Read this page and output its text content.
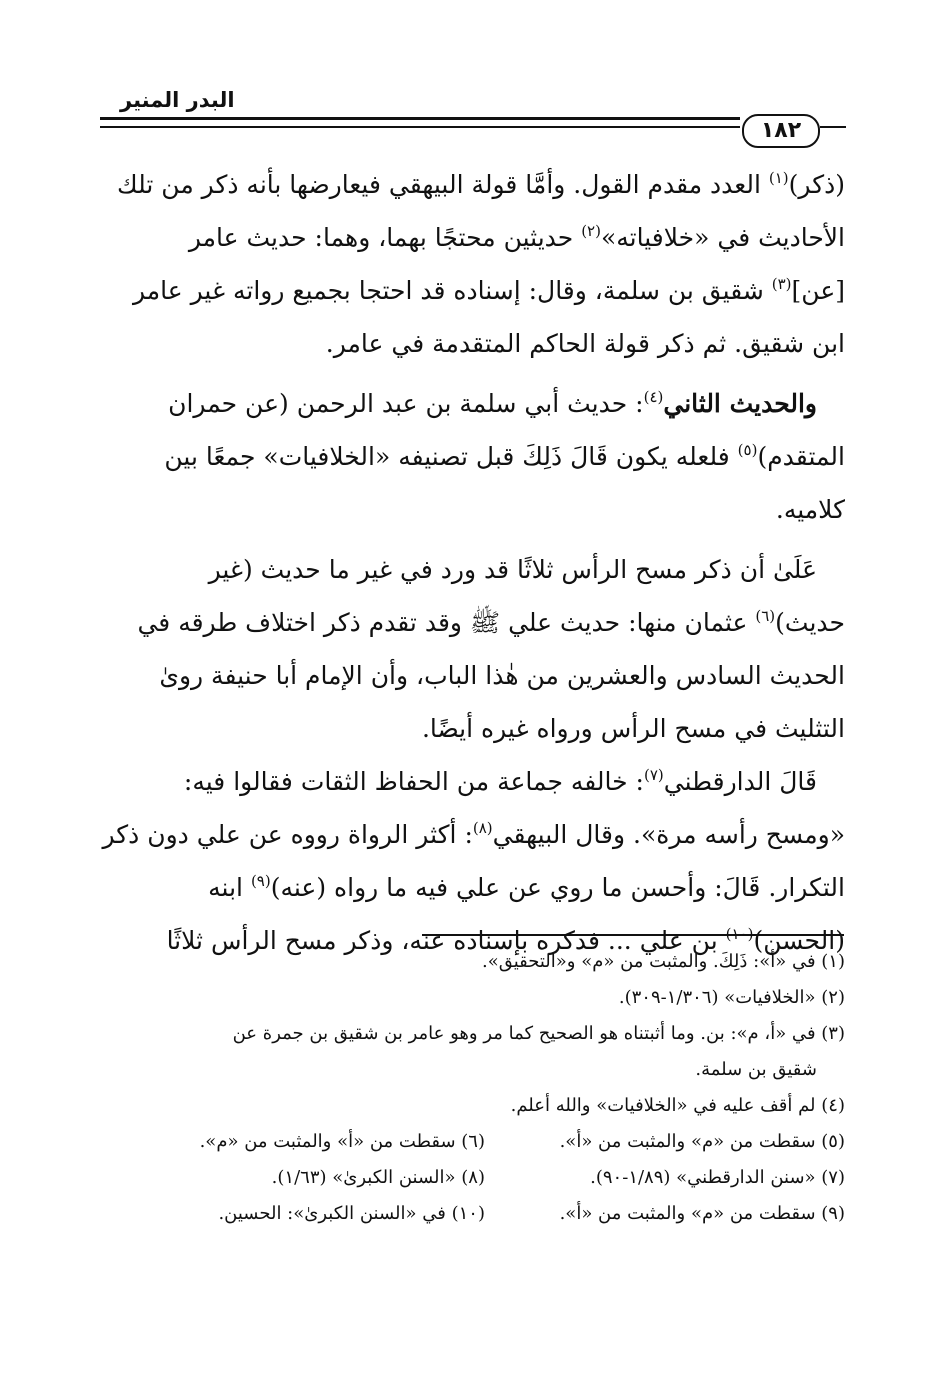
البدر المنير
١٨٢
(ذكر)$^{(١)}$ العدد مقدم القول. وأمَّا قولة البيهقي فيعارضها بأنه ذكر من تلك
الأحاديث في «خلافياته»$^{(٢)}$ حديثين محتجًا بهما، وهما: حديث عامر
[عن]$^{(٣)}$ شقيق بن سلمة، وقال: إسناده قد احتجا بجميع رواته غير عامر
ابن شقيق. ثم ذكر قولة الحاكم المتقدمة في عامر.
والحديث الثاني$^{(٤)}$: حديث أبي سلمة بن عبد الرحمن (عن حمران
المتقدم)$^{(٥)}$ فلعله يكون قَالَ ذَلِكَ قبل تصنيفه «الخلافيات» جمعًا بين
كلاميه.
عَلَىٰ أن ذكر مسح الرأس ثلاثًا قد ورد في غير ما حديث (غير
حديث)$^{(٦)}$ عثمان منها: حديث علي ﷺ وقد تقدم ذكر اختلاف طرقه في
الحديث السادس والعشرين من هٰذا الباب، وأن الإمام أبا حنيفة روىٰ
التثليث في مسح الرأس ورواه غيره أيضًا.
قَالَ الدارقطني$^{(٧)}$: خالفه جماعة من الحفاظ الثقات فقالوا فيه:
«ومسح رأسه مرة». وقال البيهقي$^{(٨)}$: أكثر الرواة رووه عن علي دون ذكر
التكرار. قَالَ: وأحسن ما روي عن علي فيه ما رواه (عنه)$^{(٩)}$ ابنه
(الحسن)$^{(١٠)}$ بن علي ... فذكره بإسناده عنه، وذكر مسح الرأس ثلاثًا
(١) في «أ»: ذَلِكَ. والمثبت من «م» و«التحقيق».
(٢) «الخلافيات» (١/٣٠٦-٣٠٩).
(٣) في «أ، م»: بن. وما أثبتناه هو الصحيح كما مر وهو عامر بن شقيق بن جمرة عن
شقيق بن سلمة.
(٤) لم أقف عليه في «الخلافيات» والله أعلم.
(٥) سقطت من «م» والمثبت من «أ».
(٦) سقطت من «أ» والمثبت من «م».
(٧) «سنن الدارقطني» (١/٨٩-٩٠).
(٨) «السنن الكبرىٰ» (١/٦٣).
(٩) سقطت من «م» والمثبت من «أ».
(١٠) في «السنن الكبرىٰ»: الحسين.
